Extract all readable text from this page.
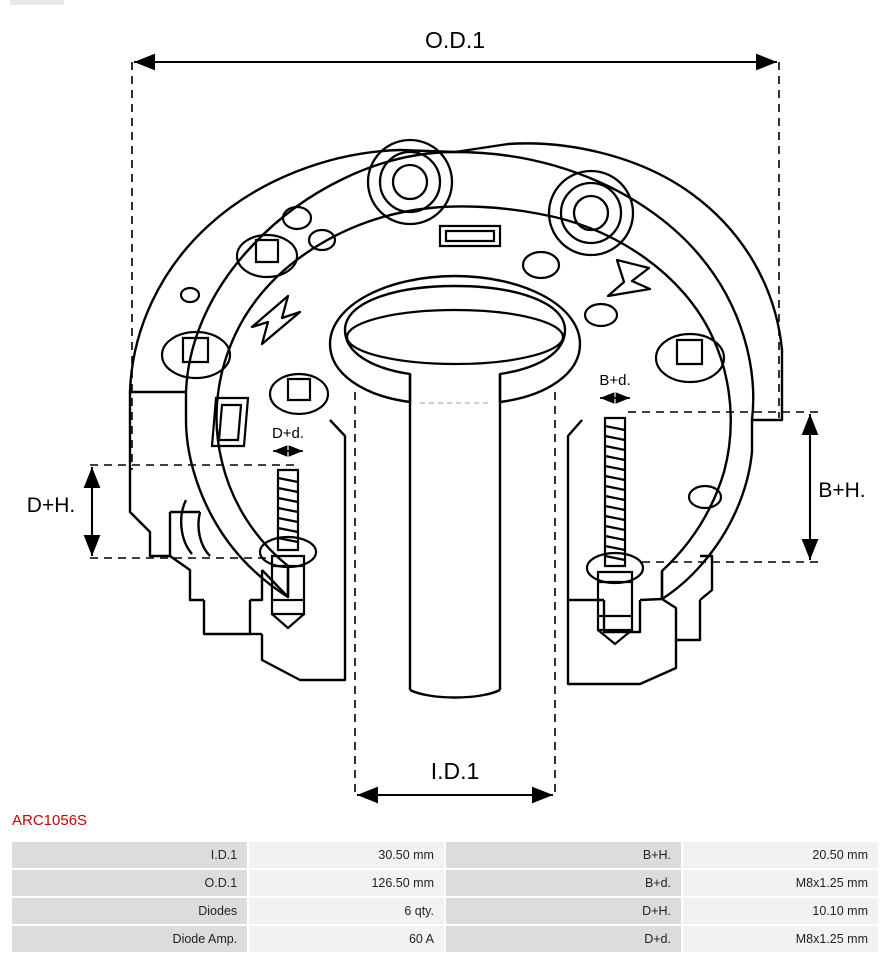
O.D.1
I.D.1
B+H.
D+H.
B+d.
D+d.
ARC1056S
I.D.1	30.50 mm	B+H.	20.50 mm
O.D.1	126.50 mm	B+d.	M8x1.25 mm
Diodes	6 qty.	D+H.	10.10 mm
Diode Amp.	60 A	D+d.	M8x1.25 mm
